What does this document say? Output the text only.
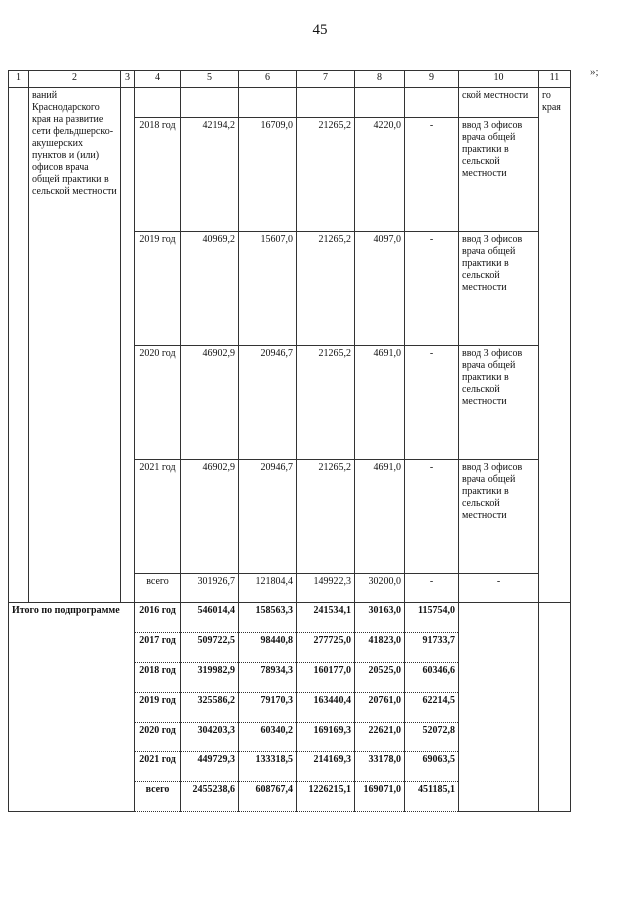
45
»;
1	2	3	4	5	6	7	8	9	10	11
	ваний Краснодарского края на развитие сети фельдшерско-акушерских пунктов и (или) офисов врача общей практики в сельской местности								ской местности	го края
			2018 год	42194,2	16709,0	21265,2	4220,0	-	ввод 3 офисов врача общей практики в сельской местности	
			2019 год	40969,2	15607,0	21265,2	4097,0	-	ввод 3 офисов врача общей практики в сельской местности	
			2020 год	46902,9	20946,7	21265,2	4691,0	-	ввод 3 офисов врача общей практики в сельской местности	
			2021 год	46902,9	20946,7	21265,2	4691,0	-	ввод 3 офисов врача общей практики в сельской местности	
			всего	301926,7	121804,4	149922,3	30200,0	-	-	
Итого по подпрограмме			2016 год	546014,4	158563,3	241534,1	30163,0	115754,0		
			2017 год	509722,5	98440,8	277725,0	41823,0	91733,7		
			2018 год	319982,9	78934,3	160177,0	20525,0	60346,6		
			2019 год	325586,2	79170,3	163440,4	20761,0	62214,5		
			2020 год	304203,3	60340,2	169169,3	22621,0	52072,8		
			2021 год	449729,3	133318,5	214169,3	33178,0	69063,5		
			всего	2455238,6	608767,4	1226215,1	169071,0	451185,1		
